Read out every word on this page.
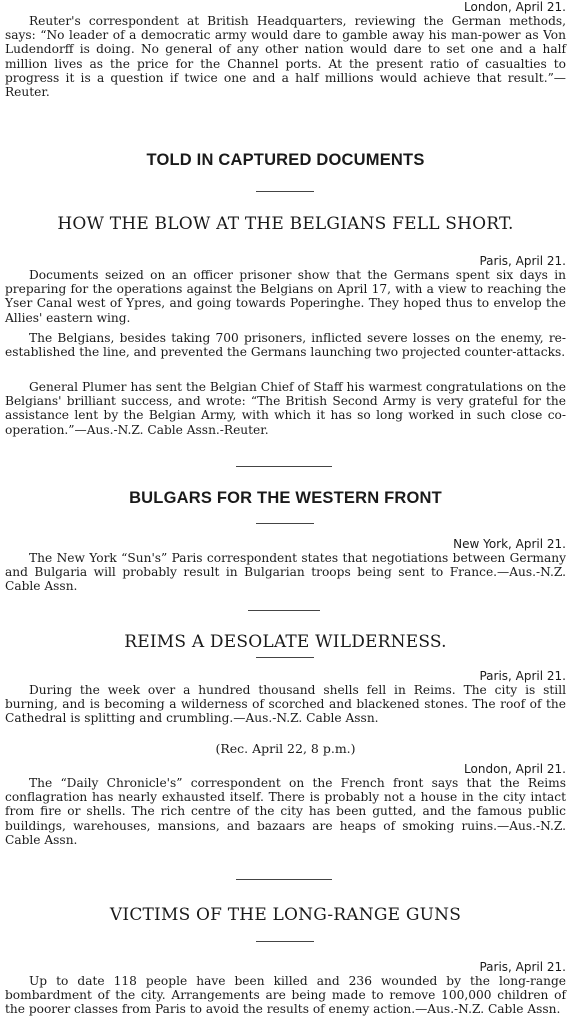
London, April 21.

Reuter's correspondent at British Headquarters, reviewing the German methods, says: “No leader of a democratic army would dare to gamble away his man-power as Von Ludendorff is doing. No general of any other nation would dare to set one and a half million lives as the price for the Channel ports. At the present ratio of casualties to progress it is a question if twice one and a half millions would achieve that result.”—Reuter.

TOLD IN CAPTURED DOCUMENTS
HOW THE BLOW AT THE BELGIANS FELL SHORT.
Paris, April 21.

Documents seized on an officer prisoner show that the Germans spent six days in preparing for the operations against the Belgians on April 17, with a view to reaching the Yser Canal west of Ypres, and going towards Poperinghe. They hoped thus to envelop the Allies' eastern wing.

The Belgians, besides taking 700 prisoners, inflicted severe losses on the enemy, re-established the line, and prevented the Germans launching two projected counter-attacks.

General Plumer has sent the Belgian Chief of Staff his warmest congratulations on the Belgians' brilliant success, and wrote: “The British Second Army is very grateful for the assistance lent by the Belgian Army, with which it has so long worked in such close co-operation.”—Aus.-N.Z. Cable Assn.-Reuter.

BULGARS FOR THE WESTERN FRONT
New York, April 21.

The New York “Sun's” Paris correspondent states that negotiations between Germany and Bulgaria will probably result in Bulgarian troops being sent to France.—Aus.-N.Z. Cable Assn.

REIMS A DESOLATE WILDERNESS.
Paris, April 21.

During the week over a hundred thousand shells fell in Reims. The city is still burning, and is becoming a wilderness of scorched and blackened stones. The roof of the Cathedral is splitting and crumbling.—Aus.-N.Z. Cable Assn.

(Rec. April 22, 8 p.m.)
London, April 21.

The “Daily Chronicle's” correspondent on the French front says that the Reims conflagration has nearly exhausted itself. There is probably not a house in the city intact from fire or shells. The rich centre of the city has been gutted, and the famous public buildings, warehouses, mansions, and bazaars are heaps of smoking ruins.—Aus.-N.Z. Cable Assn.

VICTIMS OF THE LONG-RANGE GUNS
Paris, April 21.

Up to date 118 people have been killed and 236 wounded by the long-range bombardment of the city. Arrangements are being made to remove 100,000 children of the poorer classes from Paris to avoid the results of enemy action.—Aus.-N.Z. Cable Assn.
